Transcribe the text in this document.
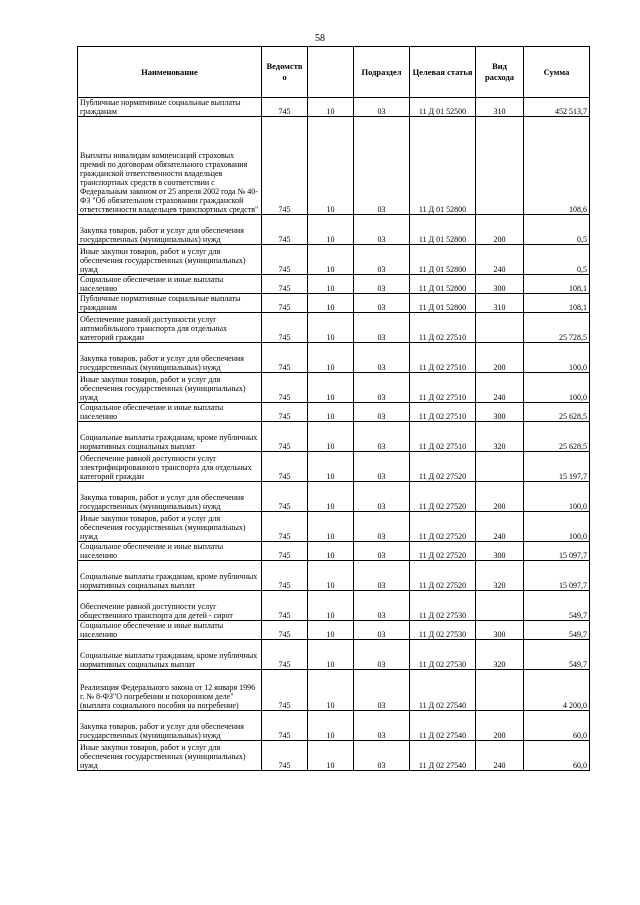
58
Наименование	Ведомств о		Подраздел	Целевая статья	Вид расхода	Сумма
Публичные нормативные социальные выплаты гражданам	745	10	03	11 Д 01 52500	310	452 513,7
Выплаты инвалидам компенсаций страховых премий по договорам обязательного страхования гражданской ответственности владельцев транспортных средств в соответствии с Федеральным законом от 25 апреля 2002 года № 40-ФЗ "Об обязательном страховании гражданской ответственности владельцев транспортных средств"	745	10	03	11 Д 01 52800		108,6
Закупка товаров, работ и услуг для обеспечения государственных (муниципальных) нужд	745	10	03	11 Д 01 52800	200	0,5
Иные закупки товаров, работ и услуг для обеспечения государственных (муниципальных) нужд	745	10	03	11 Д 01 52800	240	0,5
Социальное обеспечение и иные выплаты населению	745	10	03	11 Д 01 52800	300	108,1
Публичные нормативные социальные выплаты гражданам	745	10	03	11 Д 01 52800	310	108,1
Обеспечение равной доступности услуг автомобильного транспорта для отдельных категорий граждан	745	10	03	11 Д 02 27510		25 728,5
Закупка товаров, работ и услуг для обеспечения государственных (муниципальных) нужд	745	10	03	11 Д 02 27510	200	100,0
Иные закупки товаров, работ и услуг для обеспечения государственных (муниципальных) нужд	745	10	03	11 Д 02 27510	240	100,0
Социальное обеспечение и иные выплаты населению	745	10	03	11 Д 02 27510	300	25 628,5
Социальные выплаты гражданам, кроме публичных нормативных социальных выплат	745	10	03	11 Д 02 27510	320	25 628,5
Обеспечение равной доступности услуг электрифицированного транспорта для отдельных категорий граждан	745	10	03	11 Д 02 27520		15 197,7
Закупка товаров, работ и услуг для обеспечения государственных (муниципальных) нужд	745	10	03	11 Д 02 27520	200	100,0
Иные закупки товаров, работ и услуг для обеспечения государственных (муниципальных) нужд	745	10	03	11 Д 02 27520	240	100,0
Социальное обеспечение и иные выплаты населению	745	10	03	11 Д 02 27520	300	15 097,7
Социальные выплаты гражданам, кроме публичных нормативных социальных выплат	745	10	03	11 Д 02 27520	320	15 097,7
Обеспечение равной доступности услуг общественного транспорта для детей - сирот	745	10	03	11 Д 02 27530		549,7
Социальное обеспечение и иные выплаты населению	745	10	03	11 Д 02 27530	300	549,7
Социальные выплаты гражданам, кроме публичных нормативных социальных выплат	745	10	03	11 Д 02 27530	320	549,7
Реализация Федерального закона от 12 января 1996 г. № 8-ФЗ"О погребении и похоронном деле" (выплата социального пособия на погребение)	745	10	03	11 Д 02 27540		4 200,0
Закупка товаров, работ и услуг для обеспечения государственных (муниципальных) нужд	745	10	03	11 Д 02 27540	200	60,0
Иные закупки товаров, работ и услуг для обеспечения государственных (муниципальных) нужд	745	10	03	11 Д 02 27540	240	60,0
